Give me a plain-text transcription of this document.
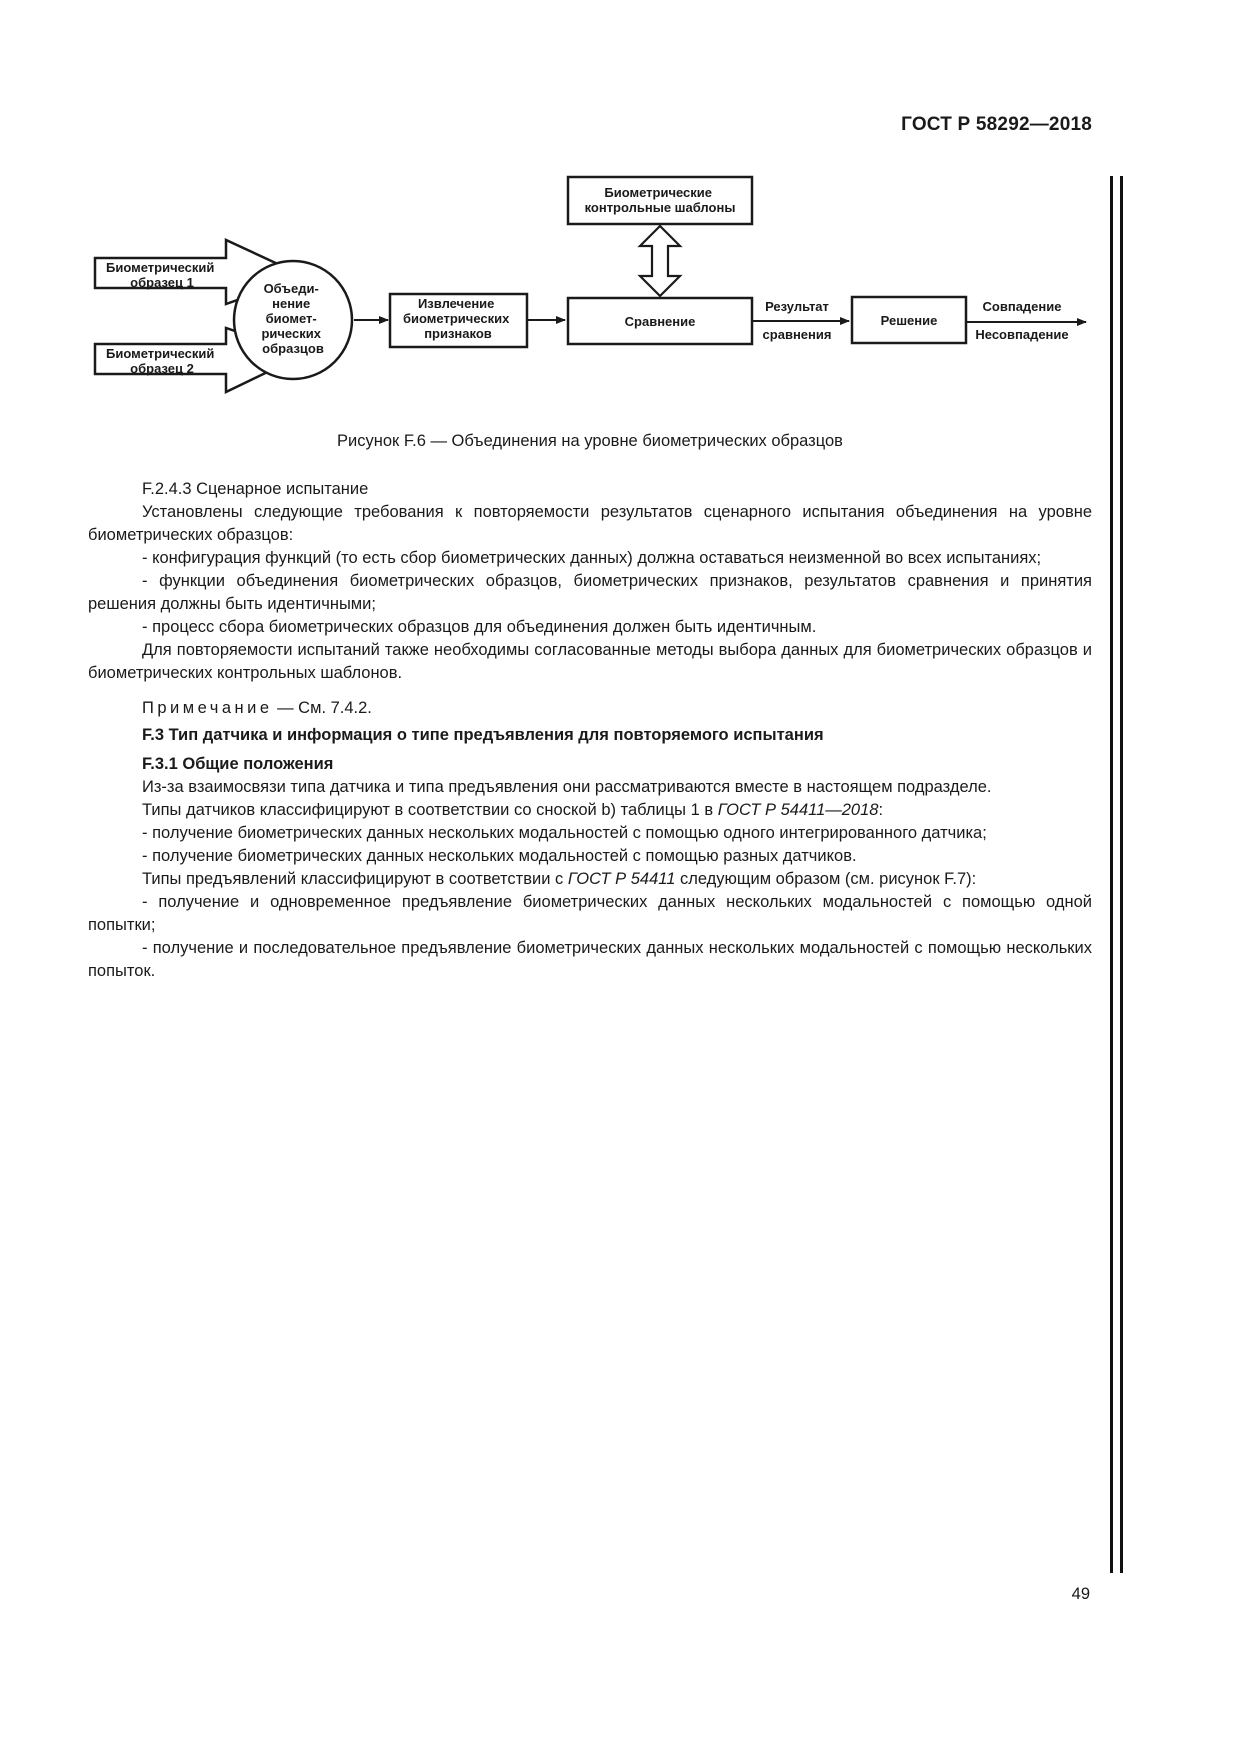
ГОСТ Р 58292—2018
Биометрический образец 1
Биометрический образец 2
Объеди- нение биомет- рических образцов
Извлечение биометрических признаков
Биометрические контрольные шаблоны
Сравнение
Результат
сравнения
Решение
Совпадение
Несовпадение
Рисунок F.6 — Объединения на уровне биометрических образцов

F.2.4.3 Сценарное испытание

Установлены следующие требования к повторяемости результатов сценарного испытания объединения на уровне биометрических образцов:

- конфигурация функций (то есть сбор биометрических данных) должна оставаться неизменной во всех испытаниях;

- функции объединения биометрических образцов, биометрических признаков, результатов сравнения и принятия решения должны быть идентичными;

- процесс сбора биометрических образцов для объединения должен быть идентичным.

Для повторяемости испытаний также необходимы согласованные методы выбора данных для биометрических образцов и биометрических контрольных шаблонов.

Примечание — См. 7.4.2.

F.3 Тип датчика и информация о типе предъявления для повторяемого испытания
F.3.1 Общие положения

Из-за взаимосвязи типа датчика и типа предъявления они рассматриваются вместе в настоящем подразделе.

Типы датчиков классифицируют в соответствии со сноской b) таблицы 1 в ГОСТ Р 54411—2018:

- получение биометрических данных нескольких модальностей с помощью одного интегрированного датчика;

- получение биометрических данных нескольких модальностей с помощью разных датчиков.

Типы предъявлений классифицируют в соответствии с ГОСТ Р 54411 следующим образом (см. рисунок F.7):

- получение и одновременное предъявление биометрических данных нескольких модальностей с помощью одной попытки;

- получение и последовательное предъявление биометрических данных нескольких модальностей с помощью нескольких попыток.

49
